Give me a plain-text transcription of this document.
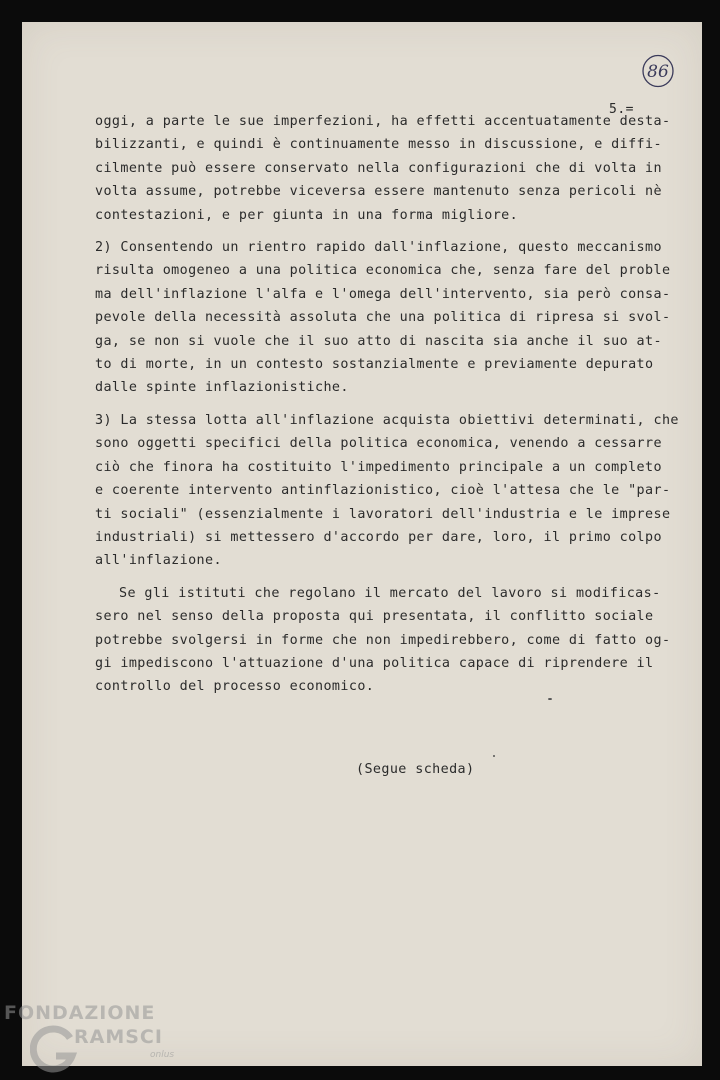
86
5.=
oggi, a parte le sue imperfezioni, ha effetti accentuatamente desta-
bilizzanti, e quindi è continuamente messo in discussione, e diffi-
cilmente può essere conservato nella configurazioni che di volta in
volta assume, potrebbe viceversa essere mantenuto senza pericoli nè
contestazioni, e per giunta in una forma migliore.
2) Consentendo un rientro rapido dall'inflazione, questo meccanismo
risulta omogeneo a una politica economica che, senza fare del proble
ma dell'inflazione l'alfa e l'omega dell'intervento, sia però consa-
pevole della necessità assoluta che una politica di ripresa si svol-
ga, se non si vuole che il suo atto di nascita sia anche il suo at-
to di morte, in un contesto sostanzialmente e previamente depurato
dalle spinte inflazionistiche.
3) La stessa lotta all'inflazione acquista obiettivi determinati, che
sono oggetti specifici della politica economica, venendo a cessarre
ciò che finora ha costituito l'impedimento principale a un completo
e coerente intervento antinflazionistico, cioè l'attesa che le "par-
ti sociali" (essenzialmente i lavoratori dell'industria e le imprese
industriali) si mettessero d'accordo per dare, loro, il primo colpo
all'inflazione.
Se gli istituti che regolano il mercato del lavoro si modificas-
sero nel senso della proposta qui presentata, il conflitto sociale
potrebbe svolgersi in forme che non impedirebbero, come di fatto og-
gi impediscono l'attuazione d'una politica capace di riprendere il
controllo del processo economico.
(Segue scheda)
FONDAZIONE
RAMSCI
onlus
